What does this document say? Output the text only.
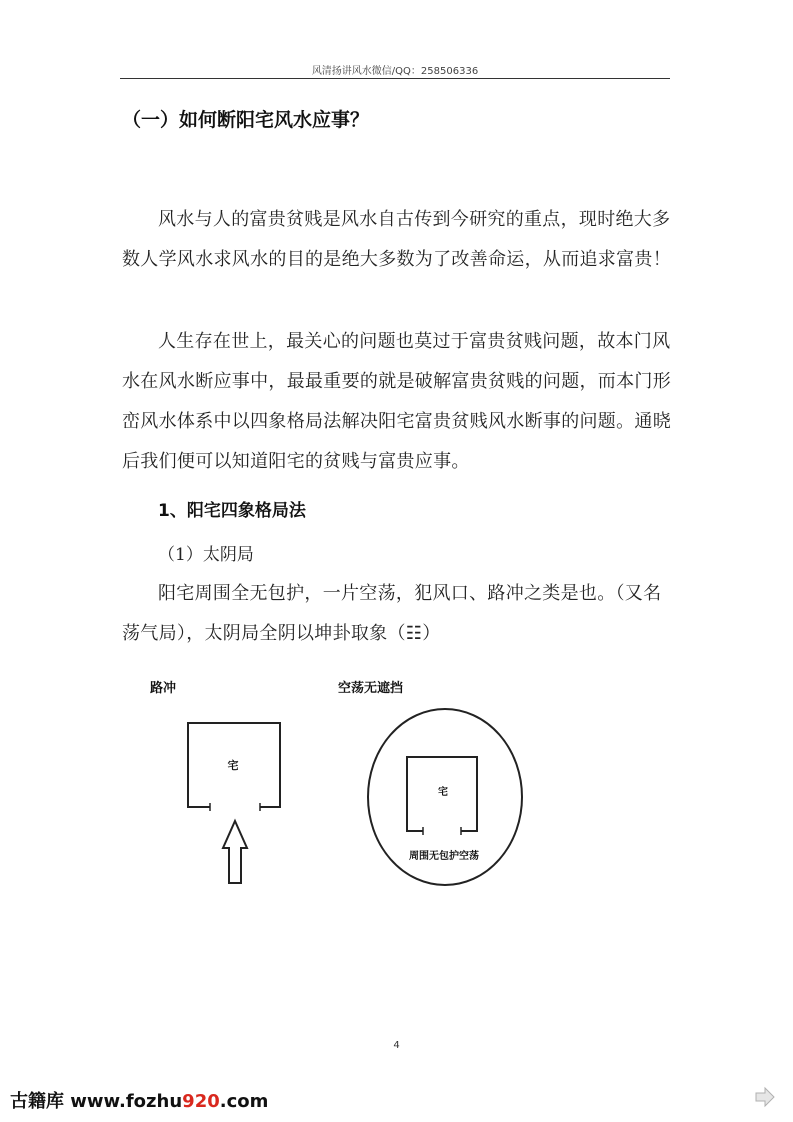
风清扬讲风水微信/QQ：258506336
（一）如何断阳宅风水应事？

风水与人的富贵贫贱是风水自古传到今研究的重点，现时绝大多数人学风水求风水的目的是绝大多数为了改善命运，从而追求富贵！

人生存在世上，最关心的问题也莫过于富贵贫贱问题，故本门风水在风水断应事中，最最重要的就是破解富贵贫贱的问题，而本门形峦风水体系中以四象格局法解决阳宅富贵贫贱风水断事的问题。通晓后我们便可以知道阳宅的贫贱与富贵应事。

1、阳宅四象格局法
（1）太阴局

阳宅周围全无包护，一片空荡，犯风口、路冲之类是也。（又名荡气局），太阴局全阴以坤卦取象（☷）

路冲
宅
空荡无遮挡
宅
周围无包护空荡
4
古籍库 www.fozhu920.com
